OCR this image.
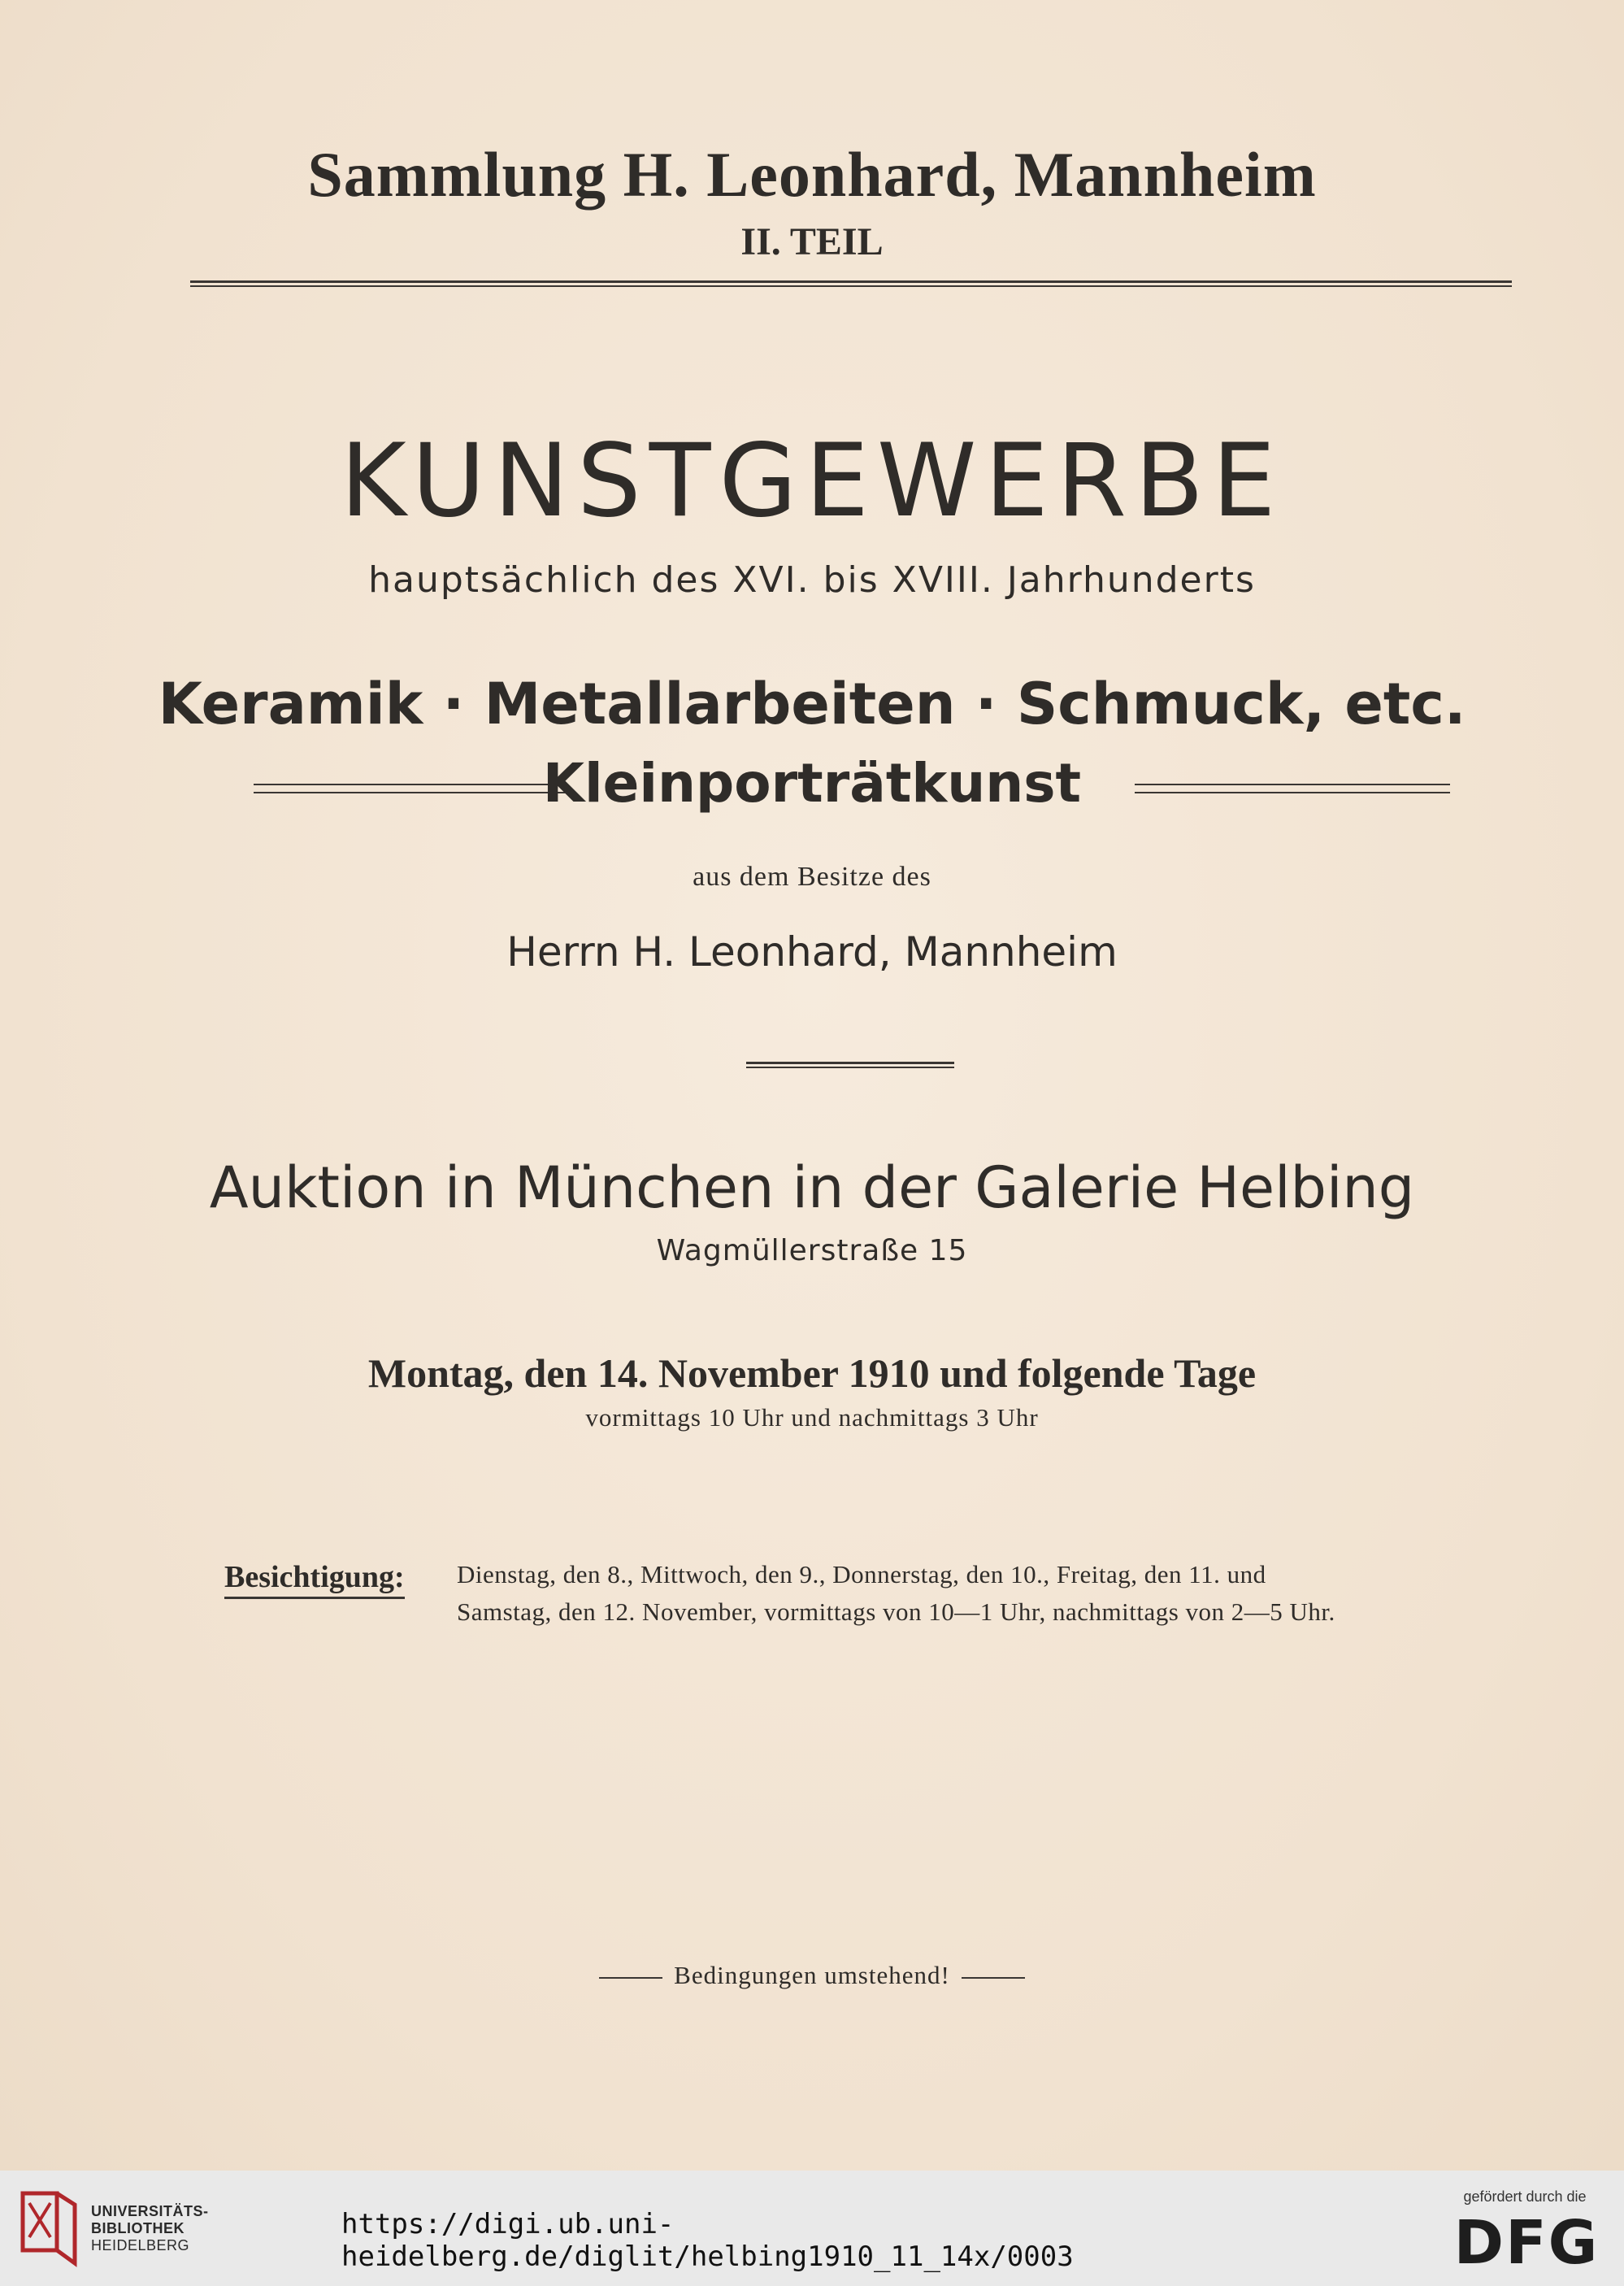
Sammlung H. Leonhard, Mannheim
II. TEIL
KUNSTGEWERBE
hauptsächlich des XVI. bis XVIII. Jahrhunderts
Keramik · Metallarbeiten · Schmuck, etc.
Kleinporträtkunst
aus dem Besitze des
Herrn H. Leonhard, Mannheim
Auktion in München in der Galerie Helbing
Wagmüllerstraße 15
Montag, den 14. November 1910 und folgende Tage
vormittags 10 Uhr und nachmittags 3 Uhr
Besichtigung: Dienstag, den 8., Mittwoch, den 9., Donnerstag, den 10., Freitag, den 11. und
Samstag, den 12. November, vormittags von 10—1 Uhr, nachmittags von 2—5 Uhr.
Bedingungen umstehend!
UNIVERSITÄTS-
BIBLIOTHEK
HEIDELBERG
https://digi.ub.uni-heidelberg.de/diglit/helbing1910_11_14x/0003
gefördert durch die
DFG
